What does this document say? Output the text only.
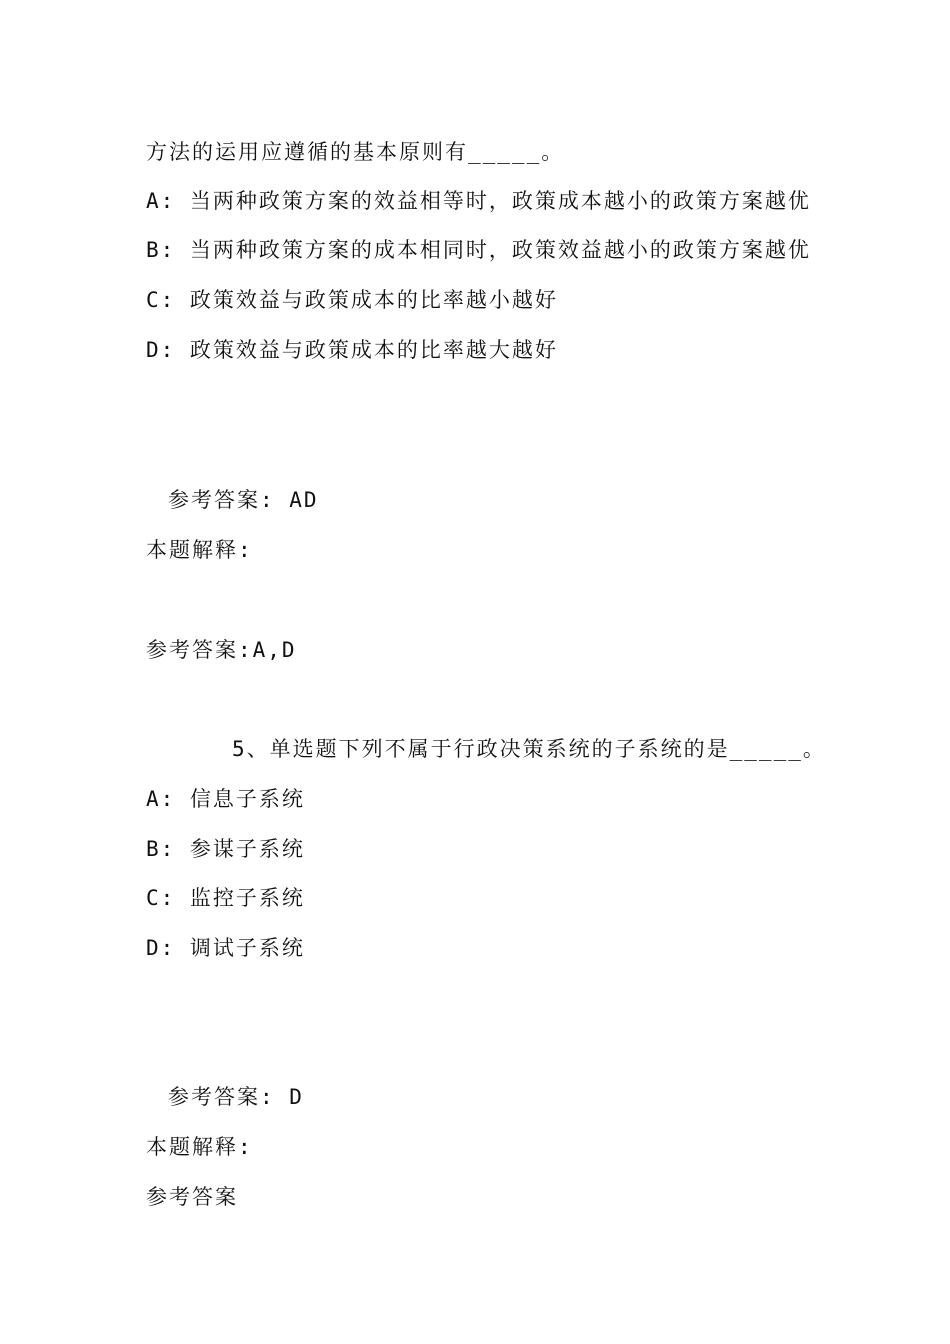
方法的运用应遵循的基本原则有_____。
A: 当两种政策方案的效益相等时，政策成本越小的政策方案越优
B: 当两种政策方案的成本相同时，政策效益越小的政策方案越优
C: 政策效益与政策成本的比率越小越好
D: 政策效益与政策成本的比率越大越好
参考答案: AD
本题解释:
参考答案:A,D
5、单选题下列不属于行政决策系统的子系统的是_____。
A: 信息子系统
B: 参谋子系统
C: 监控子系统
D: 调试子系统
参考答案: D
本题解释:
参考答案
